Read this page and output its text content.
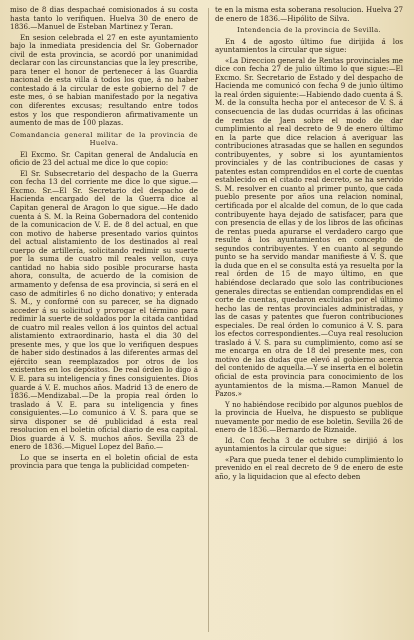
miso de 8 dias despachaé comisionados á su costa hasta tanto lo verifiquen. Huelva 30 de enero de 1836.—Manuel de Esteban Martinez y Teran.

En sesion celebrada el 27 en este ayuntamiento bajo la inmediata presidencia del Sr. Gobernador civil de esta provincia, se acordó por unanimidad declarar con las circunstancias que la ley prescribe, para tener el honor de pertenecer á las Guardia nacional de esta villa á todos los que, á no haber contestado á la circular de este gobierno del 7 de este mes, ó se habian manifestado por la negativa con diferentes excusas; resultando entre todos estos y los que respondieron afirmativamente un aumento de mas de 100 plazas.

Comandancia general militar de la provincia de Huelva.

El Excmo. Sr. Capitan general de Andalucía en oficio de 23 del actual me dice lo que copio:

El Sr. Subsecretario del despacho de la Guerra con fecha 13 del corriente me dice lo que sigue.—Excmo. Sr.—El Sr. Secretario del despacho de Hacienda encargado del de la Guerra dice al Capitan general de Aragon lo que sigue.—He dado cuenta á S. M. la Reina Gobernadora del contenido de la comunicacion de V. E. de 8 del actual, en que con motivo de haberse presentado varios quintos del actual alistamiento de los destinados al real cuerpo de artillería, solicitando redimir su suerte por la suma de cuatro mil reales vellon, cuya cantidad no habia sido posible procurarse hasta ahora, consulta, de acuerdo de la comision de armamento y defensa de esa provincia, si será en el caso de admitirles 6 no dicho donativo; y enterada S. M., y conformé con su parecer, se ha dignado acceder á su solicitud y prorogar el término para redimir la suerte de soldados por la citada cantidad de cuatro mil reales vellon á los quintos del actual alistamiento extraordinario, hasta el dia 30 del presente mes, y que los que lo verifiquen despues de haber sido destinados á las diferentes armas del ejército sean reemplazados por otros de los existentes en los depósitos. De real órden lo digo á V. E. para su inteligencia y fines consiguientes. Dios guarde á V. E. muchos años. Madrid 13 de enero de 1836.—Mendizabal.—De la propia real órden lo traslado á V. E. para su inteligencia y fines consiguientes.—Lo comunico á V. S. para que se sirva disponer se dé publicidad á esta real resolucion en el boletin oficial diario de esa capital. Dios guarde á V. S. muchos años. Sevilla 23 de enero de 1836.—Miguel Lopez del Baño.—

Lo que se inserta en el boletin oficial de esta provincia para que tenga la publicidad competen-

te en la misma esta soberana resolucion. Huelva 27 de enero de 1836.—Hipólito de Silva.

Intendencia de la provincia de Sevilla.

En 4 de agosto último fue dirijida á los ayuntamientos la circular que sigue:

«La Direccion general de Rentas provinciales me dice con fecha 27 de julio último lo que sigue:—El Excmo. Sr. Secretario de Estado y del despacho de Hacienda me comunicó con fecha 9 de junio último la real órden siguiente:—Habiendo dado cuenta á S. M. de la consulta hecha por el antecesor de V. S. á consecuencia de las dudas ocurridas á las oficinas de rentas de Jaen sobre el modo de dar cumplimiento al real decreto de 9 de enero último en la parte que dice relacion á averiguar las contribuciones atrasadas que se hallen en segundos contribuyentes, y sobre si los ayuntamientos provinciales y de las contribuciones de casas y patentes estan comprendidos en el corte de cuentas establecido en el citado real decreto, se ha servido S. M. resolver en cuanto al primer punto, que cada pueblo presente por años una relacion nominal, certificada por el alcalde del comun, de lo que cada contribuyente haya dejado de satisfacer, para que con presencia de ellas y de los libros de las oficinas de rentas pueda apurarse el verdadero cargo que resulte á los ayuntamientos en concepto de segundos contribuyentes. Y en cuanto al segundo punto se ha servido mandar manifieste á V. S. que la duda que en el se consulta está ya resuelta por la real órden de 15 de mayo último, en que habiéndose declarado que solo las contribuciones generales directas se entiendan comprendidas en el corte de cuentas, quedaron excluidas por el último hecho las de rentas provinciales administradas, y las de casas y patentes que fueron contribuciones especiales. De real órden lo comunico á V. S. para los efectos correspondientes.—Cuya real resolucion traslado á V. S. para su cumplimiento, como así se me encarga en otra de 18 del presente mes, con motivo de las dudas que elevó al gobierno acerca del contenido de aquella.—Y se inserta en el boletin oficial de esta provincia para conocimiento de los ayuntamientos de la misma.—Ramon Manuel de Pazos.»

Y no habiéndose recibido por algunos pueblos de la provincia de Huelva, he dispuesto se publique nuevamente por medio de ese boletin. Sevilla 26 de enero de 1836.—Bernardo de Riznaide.

Id. Con fecha 3 de octubre se dirijió á los ayuntamientos la circular que sigue:

«Para que pueda tener el debido cumplimiento lo prevenido en el real decreto de 9 de enero de este año, y la liquidacion que al efecto deben
